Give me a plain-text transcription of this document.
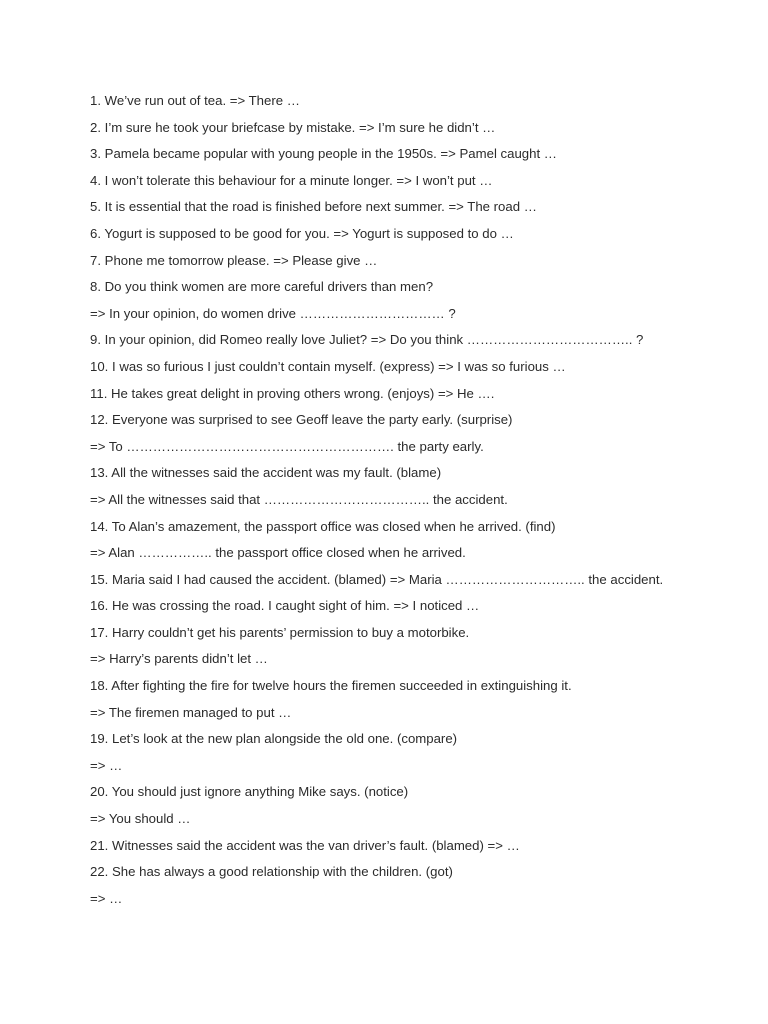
1. We’ve run out of tea. => There …
2. I’m sure he took your briefcase by mistake. => I’m sure he didn’t …
3. Pamela became popular with young people in the 1950s. => Pamel caught …
4. I won’t tolerate this behaviour for a minute longer. => I won’t put …
5. It is essential that the road is finished before next summer. => The road …
6. Yogurt is supposed to be good for you. => Yogurt is supposed to do …
7. Phone me tomorrow please. => Please give …
8. Do you think women are more careful drivers than men?
=> In your opinion, do women drive …………………………… ?
9. In your opinion, did Romeo really love Juliet? => Do you think ……………………………….. ?
10. I was so furious I just couldn’t contain myself. (express) => I was so furious …
11. He takes great delight in proving others wrong. (enjoys) => He ….
12. Everyone was surprised to see Geoff leave the party early. (surprise)
=> To ……………………………………………………. the party early.
13. All the witnesses said the accident was my fault. (blame)
=> All the witnesses said that ……………………………….. the accident.
14. To Alan’s amazement, the passport office was closed when he arrived. (find)
=> Alan …………….. the passport office closed when he arrived.
15. Maria said I had caused the accident. (blamed) => Maria ………………………….. the accident.
16. He was crossing the road. I caught sight of him. => I noticed …
17. Harry couldn’t get his parents’ permission to buy a motorbike.
=> Harry’s parents didn’t let …
18. After fighting the fire for twelve hours the firemen succeeded in extinguishing it.
=> The firemen managed to put …
19. Let’s look at the new plan alongside the old one. (compare)
=> …
20. You should just ignore anything Mike says. (notice)
=> You should …
21. Witnesses said the accident was the van driver’s fault. (blamed) => …
22. She has always a good relationship with the children. (got)
=> …
